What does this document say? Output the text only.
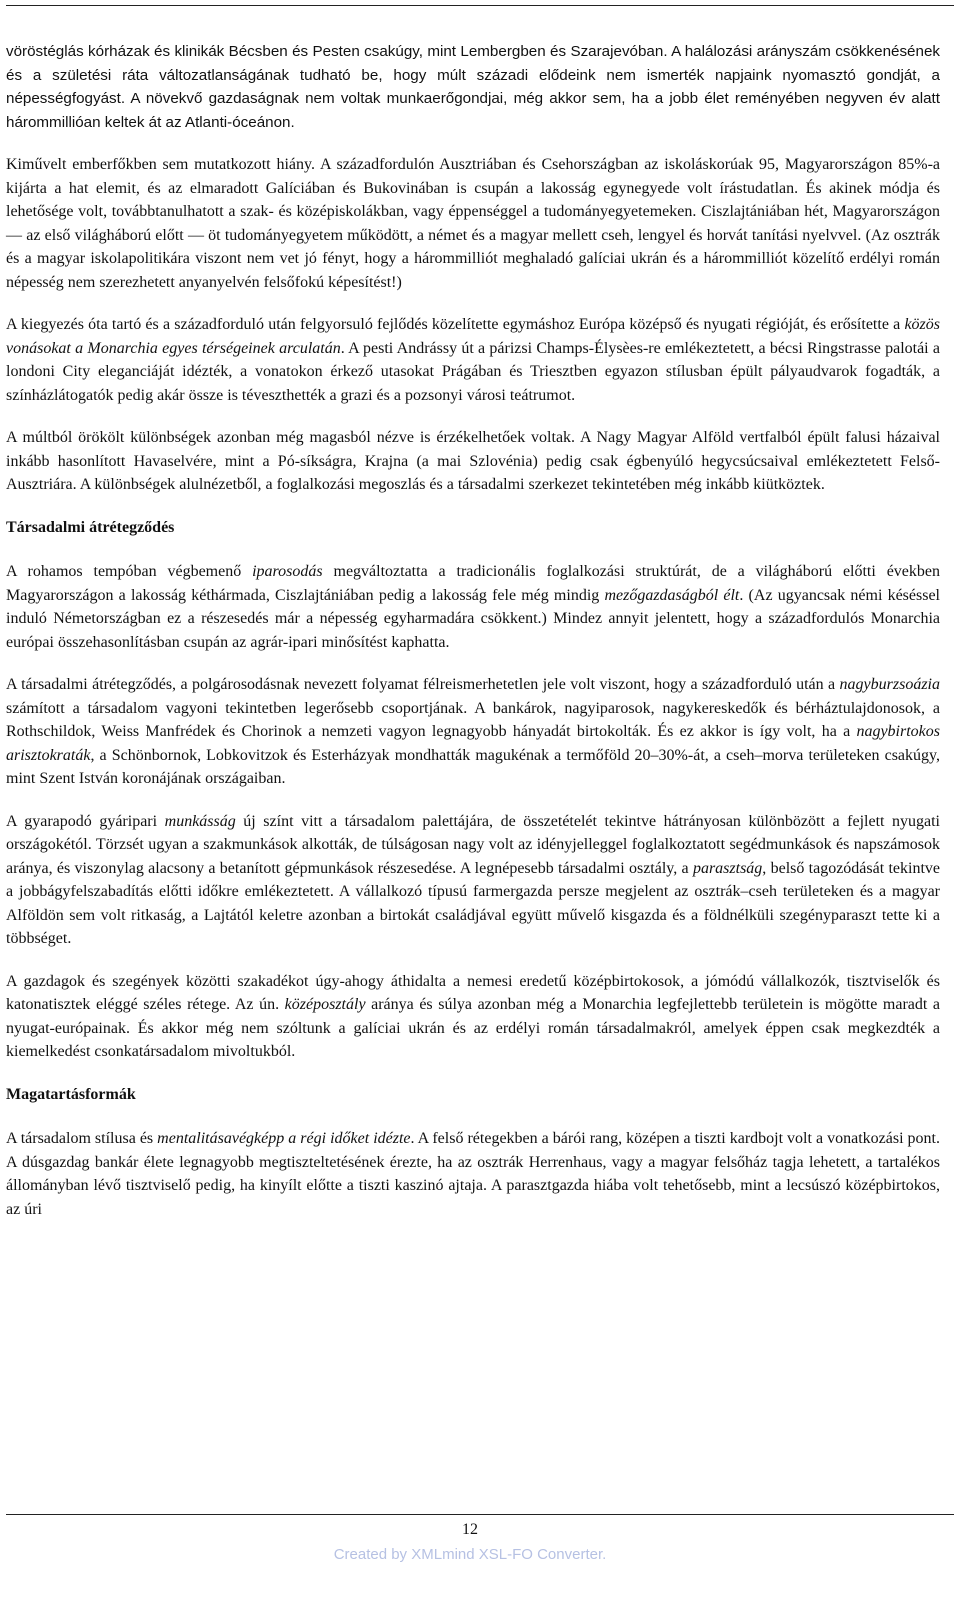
vöröstéglás kórházak és klinikák Bécsben és Pesten csakúgy, mint Lembergben és Szarajevóban. A halálozási arányszám csökkenésének és a születési ráta változatlanságának tudható be, hogy múlt századi elődeink nem ismerték napjaink nyomasztó gondját, a népességfogyást. A növekvő gazdaságnak nem voltak munkaerőgondjai, még akkor sem, ha a jobb élet reményében negyven év alatt hárommillióan keltek át az Atlanti-óceánon.

Kiművelt emberfőkben sem mutatkozott hiány. A századfordulón Ausztriában és Csehországban az iskoláskorúak 95, Magyarországon 85%-a kijárta a hat elemit, és az elmaradott Galíciában és Bukovinában is csupán a lakosság egynegyede volt írástudatlan. És akinek módja és lehetősége volt, továbbtanulhatott a szak- és középiskolákban, vagy éppenséggel a tudományegyetemeken. Ciszlajtániában hét, Magyarországon — az első világháború előtt — öt tudományegyetem működött, a német és a magyar mellett cseh, lengyel és horvát tanítási nyelvvel. (Az osztrák és a magyar iskolapolitikára viszont nem vet jó fényt, hogy a hárommilliót meghaladó galíciai ukrán és a hárommilliót közelítő erdélyi román népesség nem szerezhetett anyanyelvén felsőfokú képesítést!)

A kiegyezés óta tartó és a századforduló után felgyorsuló fejlődés közelítette egymáshoz Európa középső és nyugati régióját, és erősítette a közös vonásokat a Monarchia egyes térségeinek arculatán. A pesti Andrássy út a párizsi Champs-Élysèes-re emlékeztetett, a bécsi Ringstrasse palotái a londoni City eleganciáját idézték, a vonatokon érkező utasokat Prágában és Triesztben egyazon stílusban épült pályaudvarok fogadták, a színházlátogatók pedig akár össze is téveszthették a grazi és a pozsonyi városi teátrumot.

A múltból örökölt különbségek azonban még magasból nézve is érzékelhetőek voltak. A Nagy Magyar Alföld vertfalból épült falusi házaival inkább hasonlított Havaselvére, mint a Pó-síkságra, Krajna (a mai Szlovénia) pedig csak égbenyúló hegycsúcsaival emlékeztetett Felső-Ausztriára. A különbségek alulnézetből, a foglalkozási megoszlás és a társadalmi szerkezet tekintetében még inkább kiütköztek.

Társadalmi átrétegződés

A rohamos tempóban végbemenő iparosodás megváltoztatta a tradicionális foglalkozási struktúrát, de a világháború előtti években Magyarországon a lakosság kéthármada, Ciszlajtániában pedig a lakosság fele még mindig mezőgazdaságból élt. (Az ugyancsak némi késéssel induló Németországban ez a részesedés már a népesség egyharmadára csökkent.) Mindez annyit jelentett, hogy a századfordulós Monarchia európai összehasonlításban csupán az agrár-ipari minősítést kaphatta.

A társadalmi átrétegződés, a polgárosodásnak nevezett folyamat félreismerhetetlen jele volt viszont, hogy a századforduló után a nagyburzsoázia számított a társadalom vagyoni tekintetben legerősebb csoportjának. A bankárok, nagyiparosok, nagykereskedők és bérháztulajdonosok, a Rothschildok, Weiss Manfrédek és Chorinok a nemzeti vagyon legnagyobb hányadát birtokolták. És ez akkor is így volt, ha a nagybirtokos arisztokraták, a Schönbornok, Lobkovitzok és Esterházyak mondhatták magukénak a termőföld 20–30%-át, a cseh–morva területeken csakúgy, mint Szent István koronájának országaiban.

A gyarapodó gyáripari munkásság új színt vitt a társadalom palettájára, de összetételét tekintve hátrányosan különbözött a fejlett nyugati országokétól. Törzsét ugyan a szakmunkások alkották, de túlságosan nagy volt az idényjelleggel foglalkoztatott segédmunkások és napszámosok aránya, és viszonylag alacsony a betanított gépmunkások részesedése. A legnépesebb társadalmi osztály, a parasztság, belső tagozódását tekintve a jobbágyfelszabadítás előtti időkre emlékeztetett. A vállalkozó típusú farmergazda persze megjelent az osztrák–cseh területeken és a magyar Alföldön sem volt ritkaság, a Lajtától keletre azonban a birtokát családjával együtt művelő kisgazda és a földnélküli szegényparaszt tette ki a többséget.

A gazdagok és szegények közötti szakadékot úgy-ahogy áthidalta a nemesi eredetű középbirtokosok, a jómódú vállalkozók, tisztviselők és katonatisztek eléggé széles rétege. Az ún. középosztály aránya és súlya azonban még a Monarchia legfejlettebb területein is mögötte maradt a nyugat-európainak. És akkor még nem szóltunk a galíciai ukrán és az erdélyi román társadalmakról, amelyek éppen csak megkezdték a kiemelkedést csonkatársadalom mivoltukból.

Magatartásformák

A társadalom stílusa és mentalitásavégképp a régi időket idézte. A felső rétegekben a bárói rang, középen a tiszti kardbojt volt a vonatkozási pont. A dúsgazdag bankár élete legnagyobb megtiszteltetésének érezte, ha az osztrák Herrenhaus, vagy a magyar felsőház tagja lehetett, a tartalékos állományban lévő tisztviselő pedig, ha kinyílt előtte a tiszti kaszinó ajtaja. A parasztgazda hiába volt tehetősebb, mint a lecsúszó középbirtokos, az úri

12
Created by XMLmind XSL-FO Converter.
